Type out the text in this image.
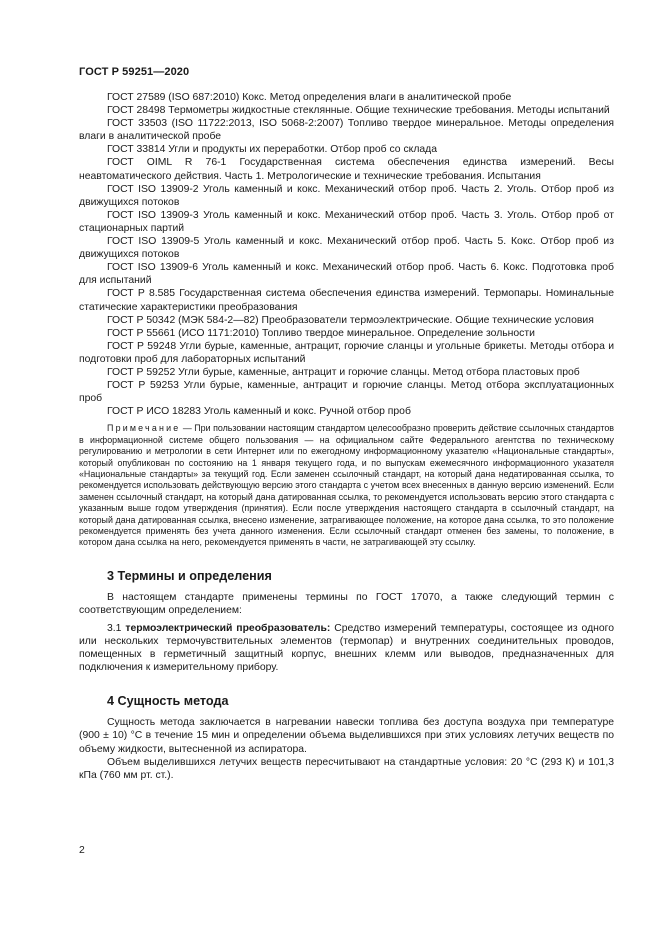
ГОСТ Р 59251—2020

ГОСТ 27589 (ISO 687:2010) Кокс. Метод определения влаги в аналитической пробе

ГОСТ 28498 Термометры жидкостные стеклянные. Общие технические требования. Методы испытаний

ГОСТ 33503 (ISO 11722:2013, ISO 5068-2:2007) Топливо твердое минеральное. Методы определения влаги в аналитической пробе

ГОСТ 33814 Угли и продукты их переработки. Отбор проб со склада

ГОСТ OIML R 76-1 Государственная система обеспечения единства измерений. Весы неавтоматического действия. Часть 1. Метрологические и технические требования. Испытания

ГОСТ ISO 13909-2 Уголь каменный и кокс. Механический отбор проб. Часть 2. Уголь. Отбор проб из движущихся потоков

ГОСТ ISO 13909-3 Уголь каменный и кокс. Механический отбор проб. Часть 3. Уголь. Отбор проб от стационарных партий

ГОСТ ISO 13909-5 Уголь каменный и кокс. Механический отбор проб. Часть 5. Кокс. Отбор проб из движущихся потоков

ГОСТ ISO 13909-6 Уголь каменный и кокс. Механический отбор проб. Часть 6. Кокс. Подготовка проб для испытаний

ГОСТ Р 8.585 Государственная система обеспечения единства измерений. Термопары. Номинальные статические характеристики преобразования

ГОСТ Р 50342 (МЭК 584-2—82) Преобразователи термоэлектрические. Общие технические условия

ГОСТ Р 55661 (ИСО 1171:2010) Топливо твердое минеральное. Определение зольности

ГОСТ Р 59248 Угли бурые, каменные, антрацит, горючие сланцы и угольные брикеты. Методы отбора и подготовки проб для лабораторных испытаний

ГОСТ Р 59252 Угли бурые, каменные, антрацит и горючие сланцы. Метод отбора пластовых проб

ГОСТ Р 59253 Угли бурые, каменные, антрацит и горючие сланцы. Метод отбора эксплуатационных проб

ГОСТ Р ИСО 18283 Уголь каменный и кокс. Ручной отбор проб

Примечание — При пользовании настоящим стандартом целесообразно проверить действие ссылочных стандартов в информационной системе общего пользования — на официальном сайте Федерального агентства по техническому регулированию и метрологии в сети Интернет или по ежегодному информационному указателю «Национальные стандарты», который опубликован по состоянию на 1 января текущего года, и по выпускам ежемесячного информационного указателя «Национальные стандарты» за текущий год. Если заменен ссылочный стандарт, на который дана недатированная ссылка, то рекомендуется использовать действующую версию этого стандарта с учетом всех внесенных в данную версию изменений. Если заменен ссылочный стандарт, на который дана датированная ссылка, то рекомендуется использовать версию этого стандарта с указанным выше годом утверждения (принятия). Если после утверждения настоящего стандарта в ссылочный стандарт, на который дана датированная ссылка, внесено изменение, затрагивающее положение, на которое дана ссылка, то это положение рекомендуется применять без учета данного изменения. Если ссылочный стандарт отменен без замены, то положение, в котором дана ссылка на него, рекомендуется применять в части, не затрагивающей эту ссылку.
3 Термины и определения

В настоящем стандарте применены термины по ГОСТ 17070, а также следующий термин с соответствующим определением:

3.1 термоэлектрический преобразователь: Средство измерений температуры, состоящее из одного или нескольких термочувствительных элементов (термопар) и внутренних соединительных проводов, помещенных в герметичный защитный корпус, внешних клемм или выводов, предназначенных для подключения к измерительному прибору.

4 Сущность метода

Сущность метода заключается в нагревании навески топлива без доступа воздуха при температуре (900 ± 10) °С в течение 15 мин и определении объема выделившихся при этих условиях летучих веществ по объему жидкости, вытесненной из аспиратора.

Объем выделившихся летучих веществ пересчитывают на стандартные условия: 20 °С (293 К) и 101,3 кПа (760 мм рт. ст.).

2
